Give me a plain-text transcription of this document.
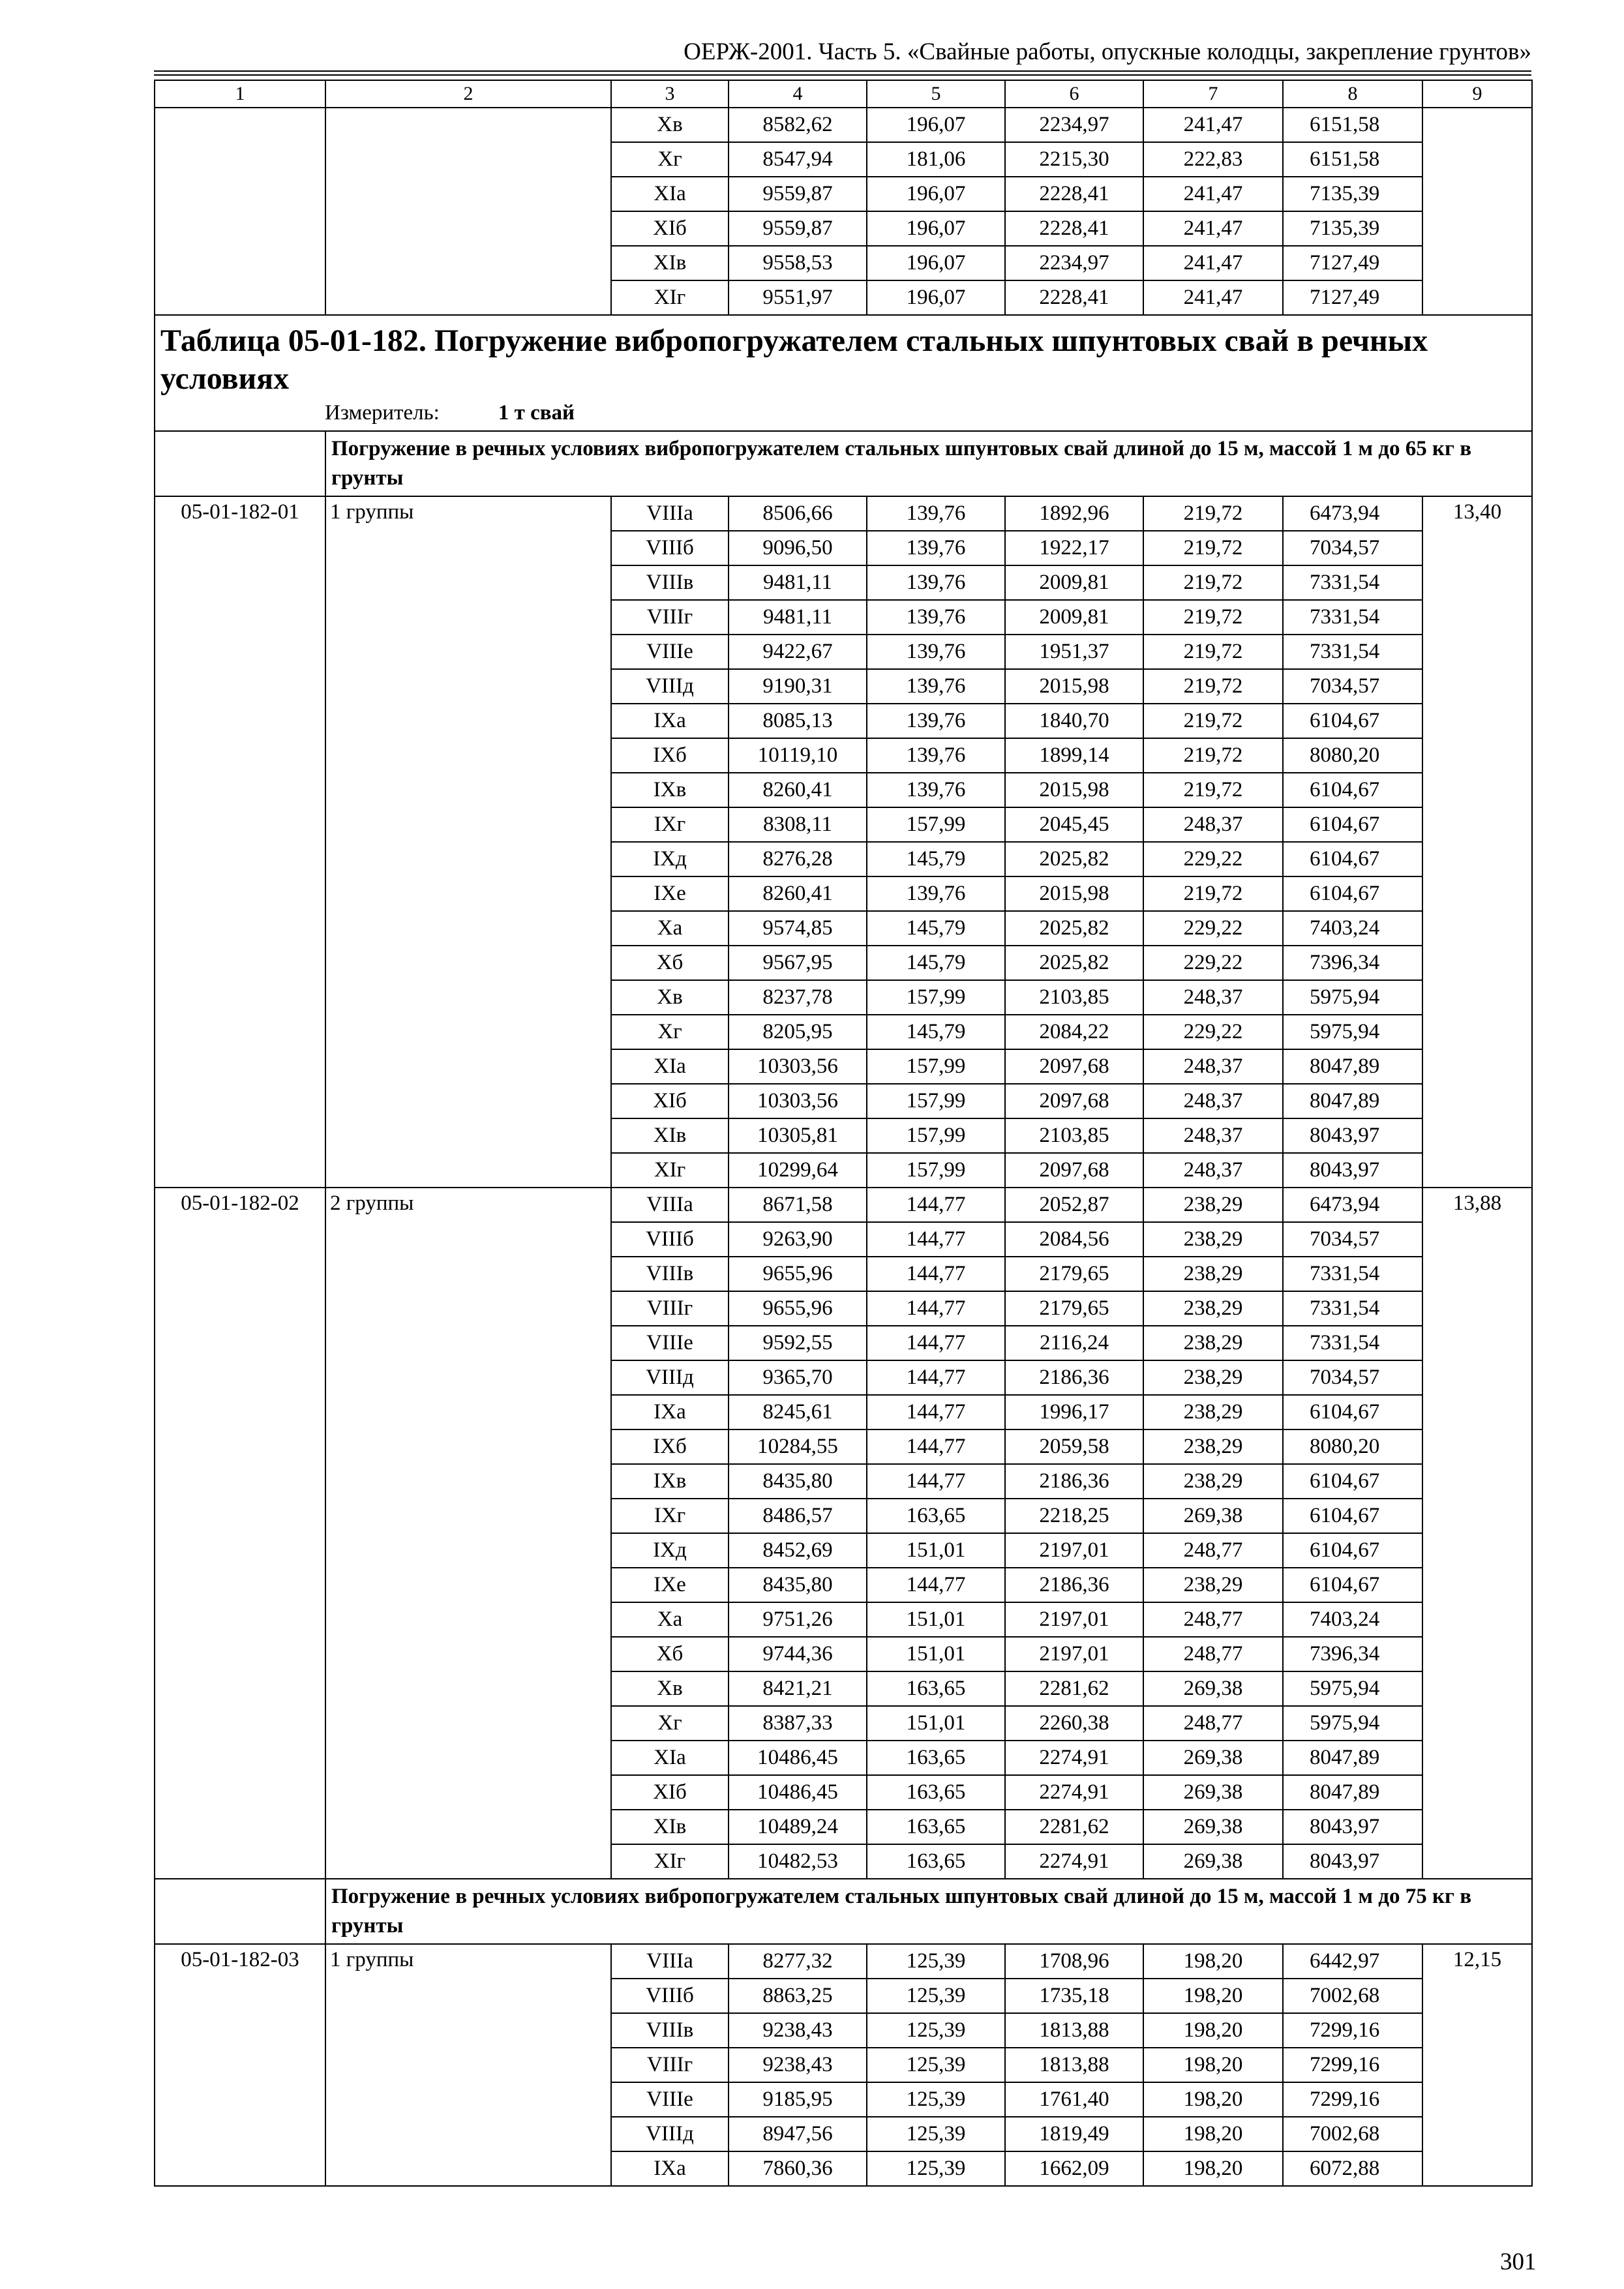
ОЕРЖ-2001. Часть 5. «Свайные работы, опускные колодцы, закрепление грунтов»
1	2	3	4	5	6	7	8	9
		Xв	8582,62	196,07	2234,97	241,47	6151,58	
		Xг	8547,94	181,06	2215,30	222,83	6151,58	
		XIa	9559,87	196,07	2228,41	241,47	7135,39	
		XIб	9559,87	196,07	2228,41	241,47	7135,39	
		XIв	9558,53	196,07	2234,97	241,47	7127,49	
		XIг	9551,97	196,07	2228,41	241,47	7127,49	

Таблица 05-01-182. Погружение вибропогружателем стальных шпунтовых свай в речных условиях
Измеритель: 1 т свай								

	Погружение в речных условиях вибропогружателем стальных шпунтовых свай длиной до 15 м, массой 1 м до 65 кг в грунты							
05-01-182-01	1 группы	VIIIa	8506,66	139,76	1892,96	219,72	6473,94	13,40
		VIIIб	9096,50	139,76	1922,17	219,72	7034,57	
		VIIIв	9481,11	139,76	2009,81	219,72	7331,54	
		VIIIг	9481,11	139,76	2009,81	219,72	7331,54	
		VIIIe	9422,67	139,76	1951,37	219,72	7331,54	
		VIIIд	9190,31	139,76	2015,98	219,72	7034,57	
		IXa	8085,13	139,76	1840,70	219,72	6104,67	
		IXб	10119,10	139,76	1899,14	219,72	8080,20	
		IXв	8260,41	139,76	2015,98	219,72	6104,67	
		IXг	8308,11	157,99	2045,45	248,37	6104,67	
		IXд	8276,28	145,79	2025,82	229,22	6104,67	
		IXe	8260,41	139,76	2015,98	219,72	6104,67	
		Xa	9574,85	145,79	2025,82	229,22	7403,24	
		Xб	9567,95	145,79	2025,82	229,22	7396,34	
		Xв	8237,78	157,99	2103,85	248,37	5975,94	
		Xг	8205,95	145,79	2084,22	229,22	5975,94	
		XIa	10303,56	157,99	2097,68	248,37	8047,89	
		XIб	10303,56	157,99	2097,68	248,37	8047,89	
		XIв	10305,81	157,99	2103,85	248,37	8043,97	
		XIг	10299,64	157,99	2097,68	248,37	8043,97	
05-01-182-02	2 группы	VIIIa	8671,58	144,77	2052,87	238,29	6473,94	13,88
		VIIIб	9263,90	144,77	2084,56	238,29	7034,57	
		VIIIв	9655,96	144,77	2179,65	238,29	7331,54	
		VIIIг	9655,96	144,77	2179,65	238,29	7331,54	
		VIIIe	9592,55	144,77	2116,24	238,29	7331,54	
		VIIIд	9365,70	144,77	2186,36	238,29	7034,57	
		IXa	8245,61	144,77	1996,17	238,29	6104,67	
		IXб	10284,55	144,77	2059,58	238,29	8080,20	
		IXв	8435,80	144,77	2186,36	238,29	6104,67	
		IXг	8486,57	163,65	2218,25	269,38	6104,67	
		IXд	8452,69	151,01	2197,01	248,77	6104,67	
		IXe	8435,80	144,77	2186,36	238,29	6104,67	
		Xa	9751,26	151,01	2197,01	248,77	7403,24	
		Xб	9744,36	151,01	2197,01	248,77	7396,34	
		Xв	8421,21	163,65	2281,62	269,38	5975,94	
		Xг	8387,33	151,01	2260,38	248,77	5975,94	
		XIa	10486,45	163,65	2274,91	269,38	8047,89	
		XIб	10486,45	163,65	2274,91	269,38	8047,89	
		XIв	10489,24	163,65	2281,62	269,38	8043,97	
		XIг	10482,53	163,65	2274,91	269,38	8043,97	
	Погружение в речных условиях вибропогружателем стальных шпунтовых свай длиной до 15 м, массой 1 м до 75 кг в грунты							
05-01-182-03	1 группы	VIIIa	8277,32	125,39	1708,96	198,20	6442,97	12,15
		VIIIб	8863,25	125,39	1735,18	198,20	7002,68	
		VIIIв	9238,43	125,39	1813,88	198,20	7299,16	
		VIIIг	9238,43	125,39	1813,88	198,20	7299,16	
		VIIIe	9185,95	125,39	1761,40	198,20	7299,16	
		VIIIд	8947,56	125,39	1819,49	198,20	7002,68	
		IXa	7860,36	125,39	1662,09	198,20	6072,88	
301
